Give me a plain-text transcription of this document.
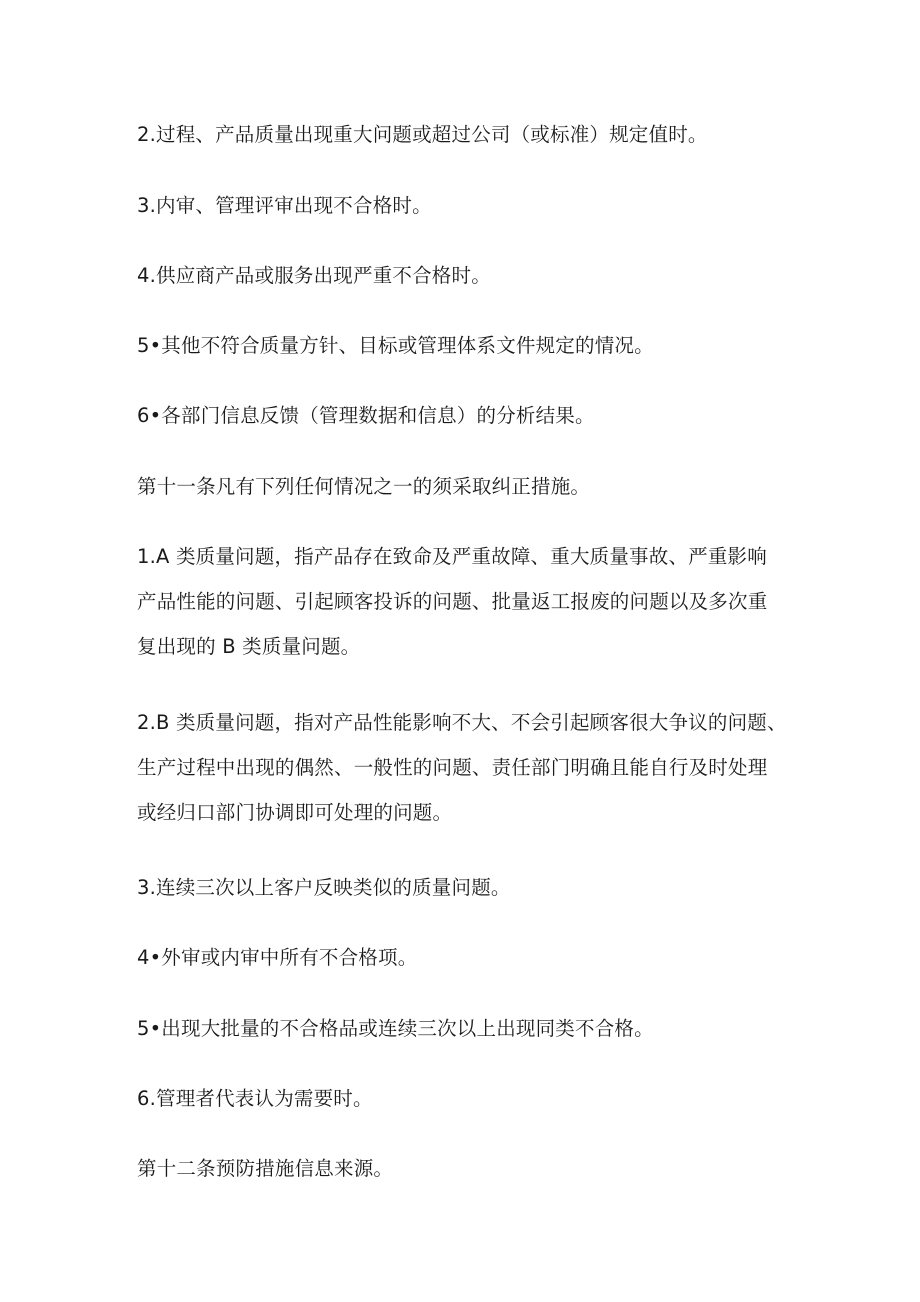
2.过程、产品质量出现重大问题或超过公司（或标准）规定值时。

3.内审、管理评审出现不合格时。

4.供应商产品或服务出现严重不合格时。

5•其他不符合质量方针、目标或管理体系文件规定的情况。

6•各部门信息反馈（管理数据和信息）的分析结果。

第十一条凡有下列任何情况之一的须采取纠正措施。

1.A 类质量问题，指产品存在致命及严重故障、重大质量事故、严重影响
产品性能的问题、引起顾客投诉的问题、批量返工报废的问题以及多次重
复出现的 B 类质量问题。

2.B 类质量问题，指对产品性能影响不大、不会引起顾客很大争议的问题、
生产过程中出现的偶然、一般性的问题、责任部门明确且能自行及时处理
或经归口部门协调即可处理的问题。

3.连续三次以上客户反映类似的质量问题。

4•外审或内审中所有不合格项。

5•出现大批量的不合格品或连续三次以上出现同类不合格。

6.管理者代表认为需要时。

第十二条预防措施信息来源。
